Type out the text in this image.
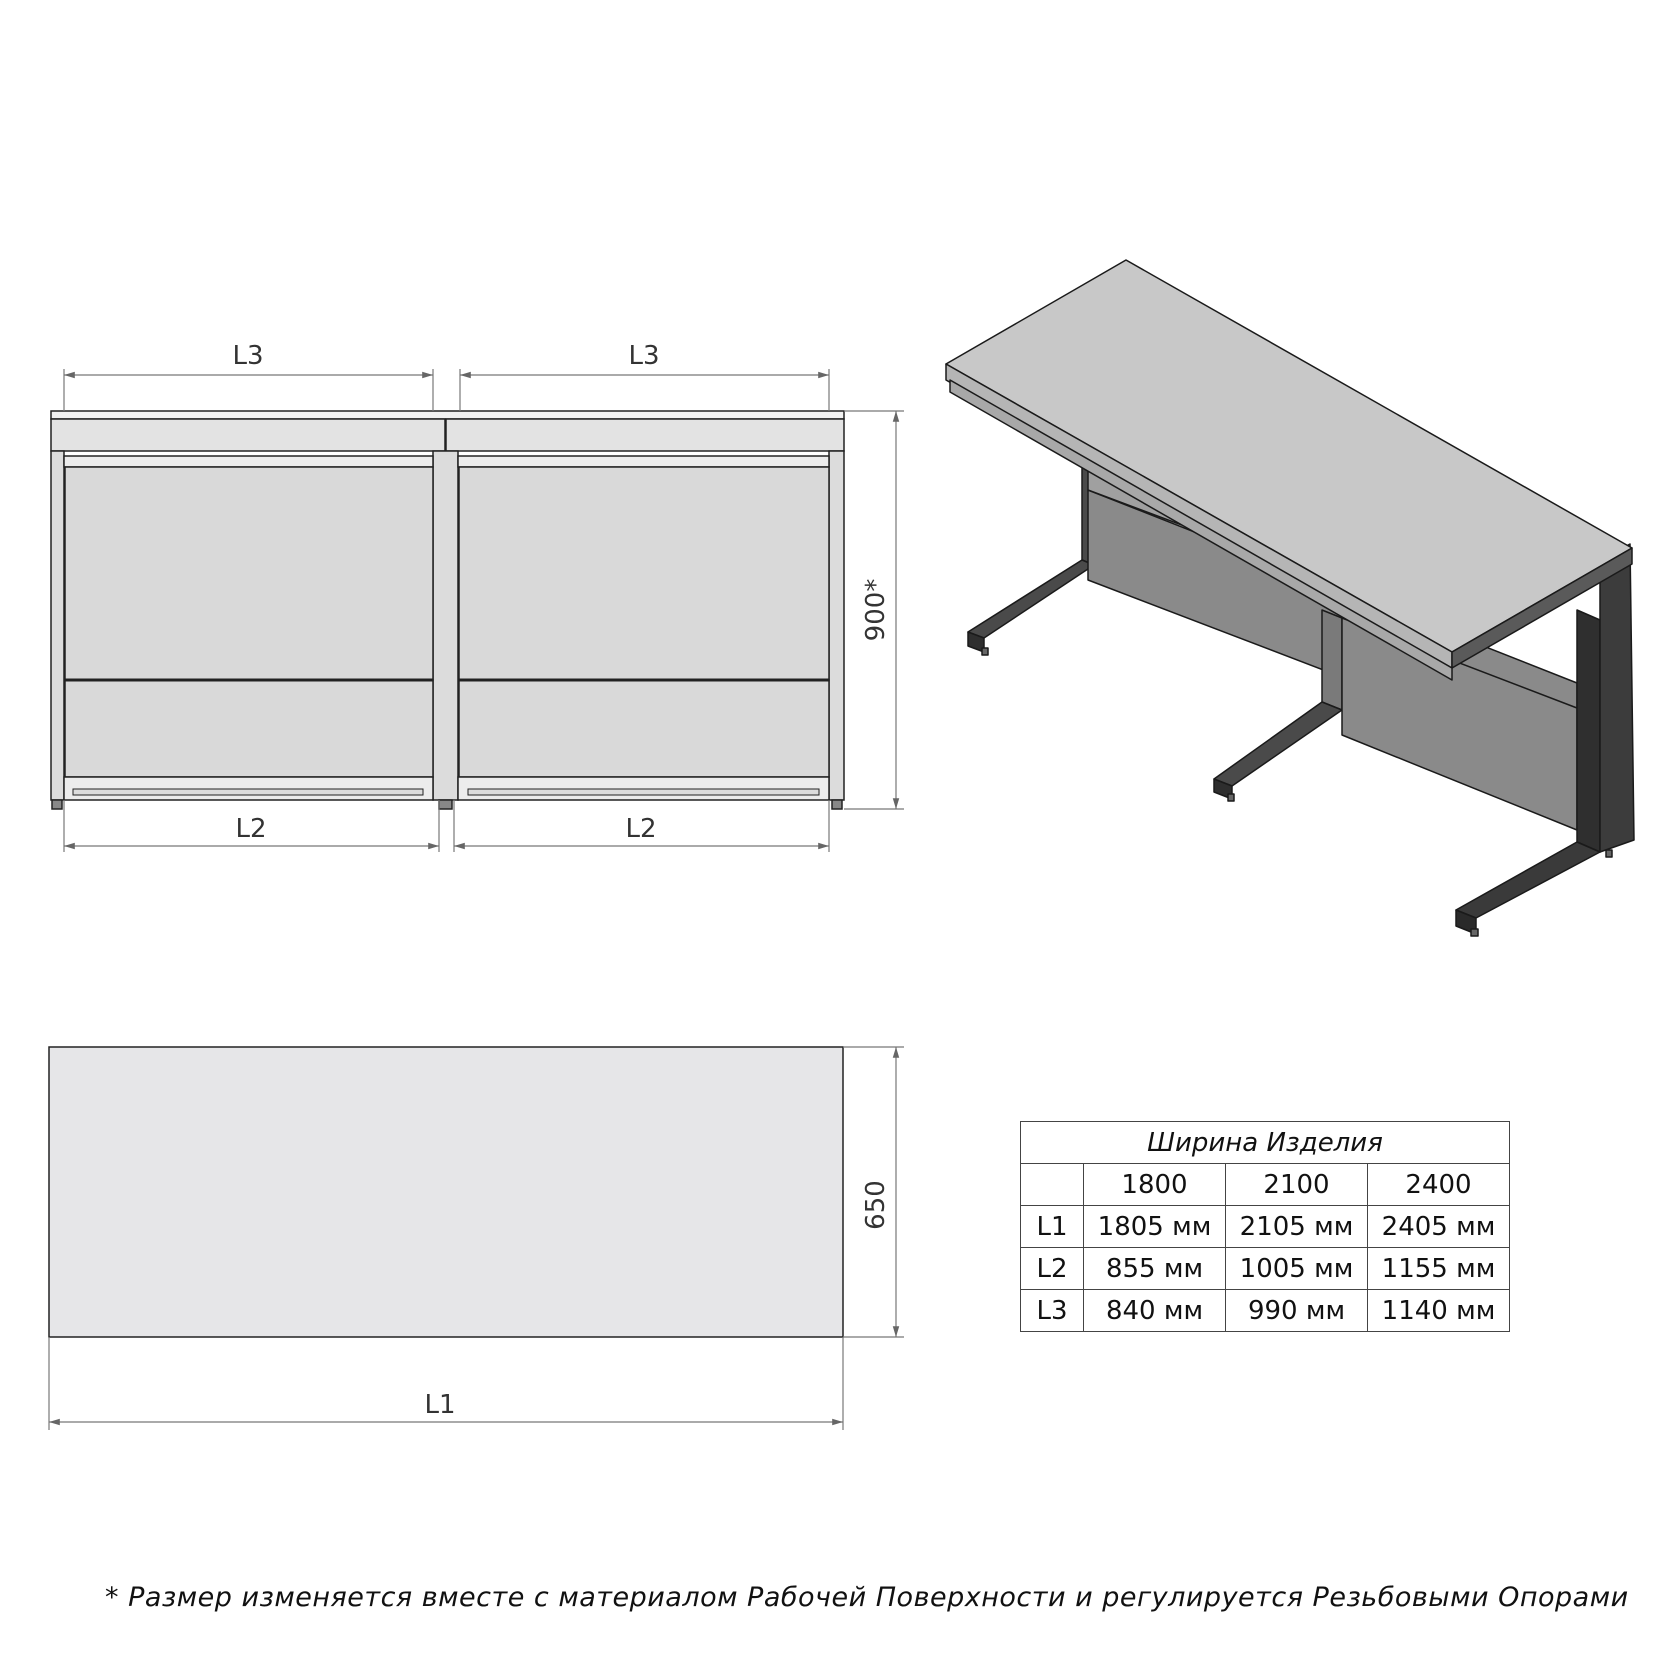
L3	L3
L2	L2
900*
L1
650
Ширина Изделия			
	1800	2100	2400
L1	1805 мм	2105 мм	2405 мм
L2	855 мм	1005 мм	1155 мм
L3	840 мм	990 мм	1140 мм
* Размер изменяется вместе с материалом Рабочей Поверхности и регулируется Резьбовыми Опорами
